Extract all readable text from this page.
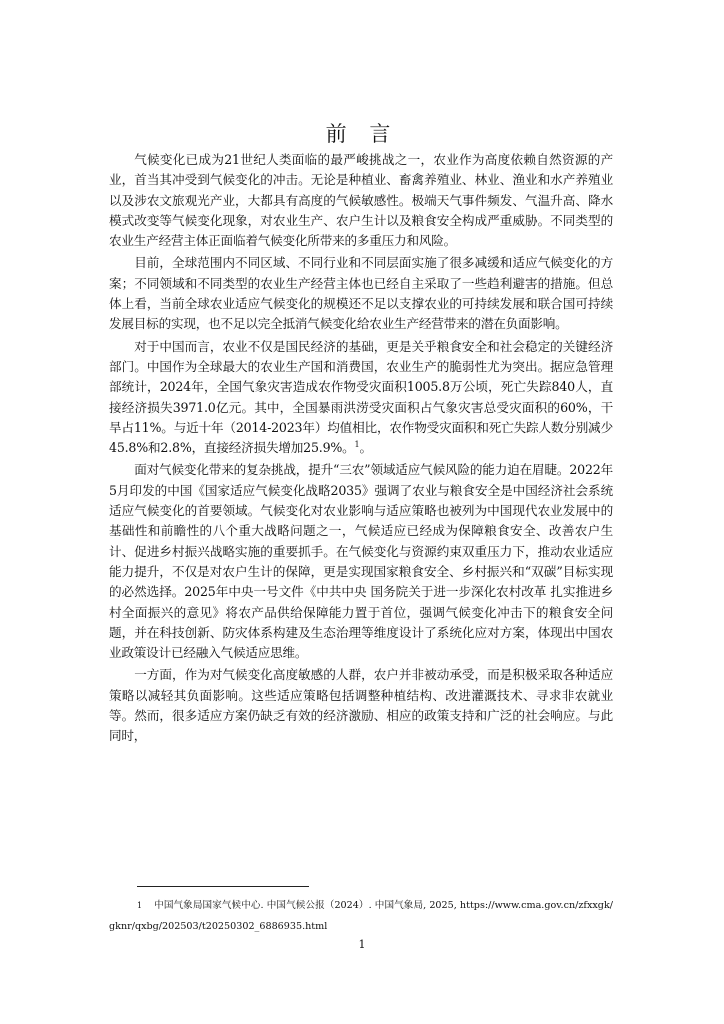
前 言

气候变化已成为21世纪人类面临的最严峻挑战之一，农业作为高度依赖自然资源的产业，首当其冲受到气候变化的冲击。无论是种植业、畜禽养殖业、林业、渔业和水产养殖业以及涉农文旅观光产业，大都具有高度的气候敏感性。极端天气事件频发、气温升高、降水模式改变等气候变化现象，对农业生产、农户生计以及粮食安全构成严重威胁。不同类型的农业生产经营主体正面临着气候变化所带来的多重压力和风险。

目前，全球范围内不同区域、不同行业和不同层面实施了很多减缓和适应气候变化的方案；不同领域和不同类型的农业生产经营主体也已经自主采取了一些趋利避害的措施。但总体上看，当前全球农业适应气候变化的规模还不足以支撑农业的可持续发展和联合国可持续发展目标的实现，也不足以完全抵消气候变化给农业生产经营带来的潜在负面影响。

对于中国而言，农业不仅是国民经济的基础，更是关乎粮食安全和社会稳定的关键经济部门。中国作为全球最大的农业生产国和消费国，农业生产的脆弱性尤为突出。据应急管理部统计，2024年，全国气象灾害造成农作物受灾面积1005.8万公顷，死亡失踪840人，直接经济损失3971.0亿元。其中，全国暴雨洪涝受灾面积占气象灾害总受灾面积的60%，干旱占11%。与近十年（2014-2023年）均值相比，农作物受灾面积和死亡失踪人数分别减少45.8%和2.8%，直接经济损失增加25.9%。$^1$。

面对气候变化带来的复杂挑战，提升“三农”领域适应气候风险的能力迫在眉睫。2022年5月印发的中国《国家适应气候变化战略2035》强调了农业与粮食安全是中国经济社会系统适应气候变化的首要领域。气候变化对农业影响与适应策略也被列为中国现代农业发展中的基础性和前瞻性的八个重大战略问题之一，气候适应已经成为保障粮食安全、改善农户生计、促进乡村振兴战略实施的重要抓手。在气候变化与资源约束双重压力下，推动农业适应能力提升，不仅是对农户生计的保障，更是实现国家粮食安全、乡村振兴和“双碳”目标实现的必然选择。2025年中央一号文件《中共中央 国务院关于进一步深化农村改革 扎实推进乡村全面振兴的意见》将农产品供给保障能力置于首位，强调气候变化冲击下的粮食安全问题，并在科技创新、防灾体系构建及生态治理等维度设计了系统化应对方案，体现出中国农业政策设计已经融入气候适应思维。

一方面，作为对气候变化高度敏感的人群，农户并非被动承受，而是积极采取各种适应策略以减轻其负面影响。这些适应策略包括调整种植结构、改进灌溉技术、寻求非农就业等。然而，很多适应方案仍缺乏有效的经济激励、相应的政策支持和广泛的社会响应。与此同时，

1 中国气象局国家气候中心. 中国气候公报（2024）. 中国气象局, 2025, https://www.cma.gov.cn/zfxxgk/gknr/qxbg/202503/t20250302_6886935.html

1
